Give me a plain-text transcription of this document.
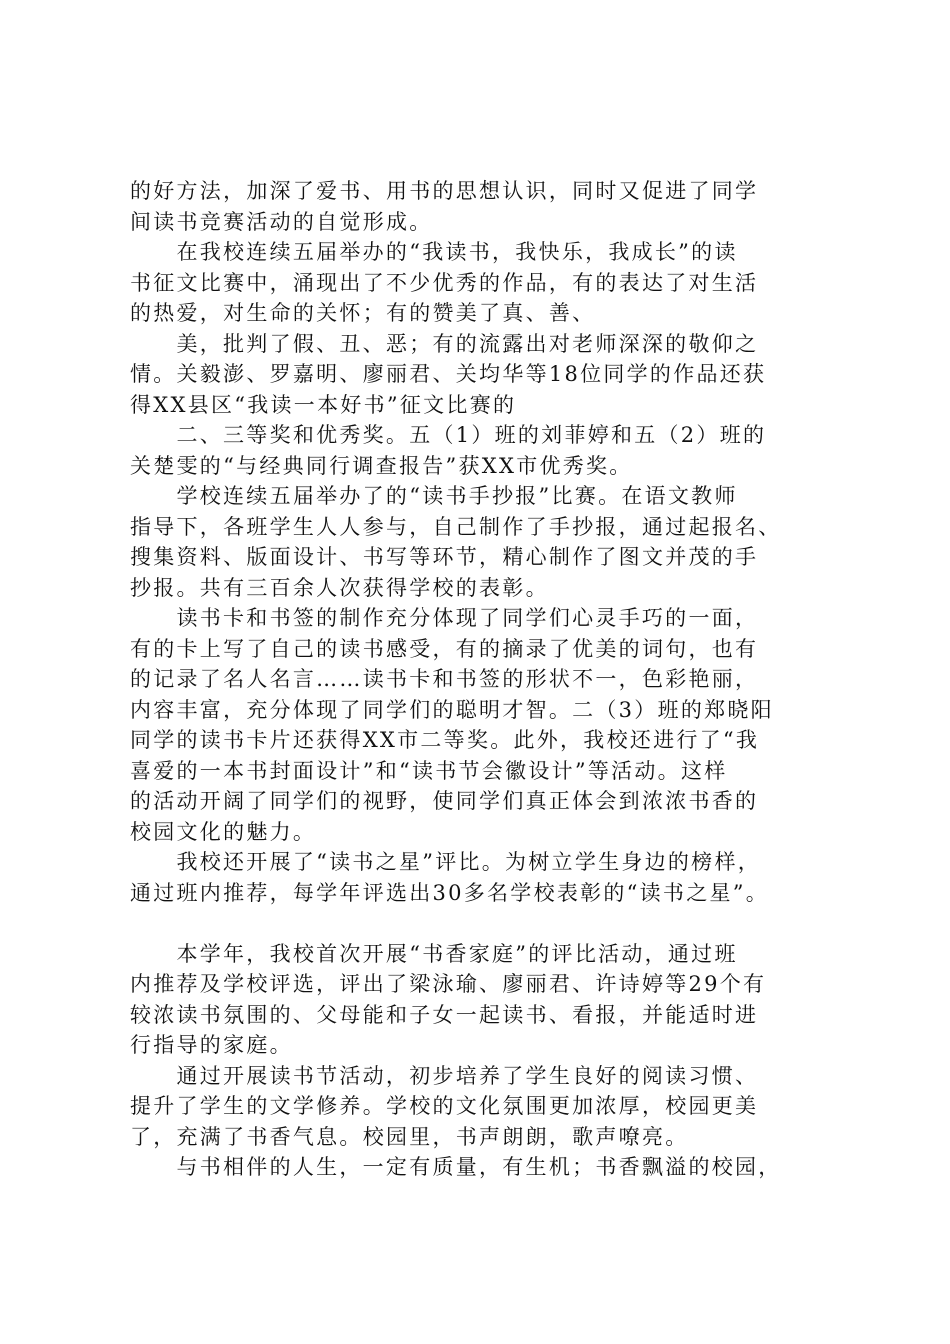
的好方法，加深了爱书、用书的思想认识，同时又促进了同学
间读书竞赛活动的自觉形成。
在我校连续五届举办的“我读书，我快乐，我成长”的读
书征文比赛中，涌现出了不少优秀的作品，有的表达了对生活
的热爱，对生命的关怀；有的赞美了真、善、
美，批判了假、丑、恶；有的流露出对老师深深的敬仰之
情。关毅澎、罗嘉明、廖丽君、关均华等18位同学的作品还获
得XX县区“我读一本好书”征文比赛的
二、三等奖和优秀奖。五（1）班的刘菲婷和五（2）班的
关楚雯的“与经典同行调查报告”获XX市优秀奖。
学校连续五届举办了的“读书手抄报”比赛。在语文教师
指导下，各班学生人人参与，自己制作了手抄报，通过起报名、
搜集资料、版面设计、书写等环节，精心制作了图文并茂的手
抄报。共有三百余人次获得学校的表彰。
读书卡和书签的制作充分体现了同学们心灵手巧的一面，
有的卡上写了自己的读书感受，有的摘录了优美的词句，也有
的记录了名人名言……读书卡和书签的形状不一，色彩艳丽，
内容丰富，充分体现了同学们的聪明才智。二（3）班的郑晓阳
同学的读书卡片还获得XX市二等奖。此外，我校还进行了“我
喜爱的一本书封面设计”和“读书节会徽设计”等活动。这样
的活动开阔了同学们的视野，使同学们真正体会到浓浓书香的
校园文化的魅力。
我校还开展了“读书之星”评比。为树立学生身边的榜样，
通过班内推荐，每学年评选出30多名学校表彰的“读书之星”。
本学年，我校首次开展“书香家庭”的评比活动，通过班
内推荐及学校评选，评出了梁泳瑜、廖丽君、许诗婷等29个有
较浓读书氛围的、父母能和子女一起读书、看报，并能适时进
行指导的家庭。
通过开展读书节活动，初步培养了学生良好的阅读习惯、
提升了学生的文学修养。学校的文化氛围更加浓厚，校园更美
了，充满了书香气息。校园里，书声朗朗，歌声嘹亮。
与书相伴的人生，一定有质量，有生机；书香飘溢的校园，
